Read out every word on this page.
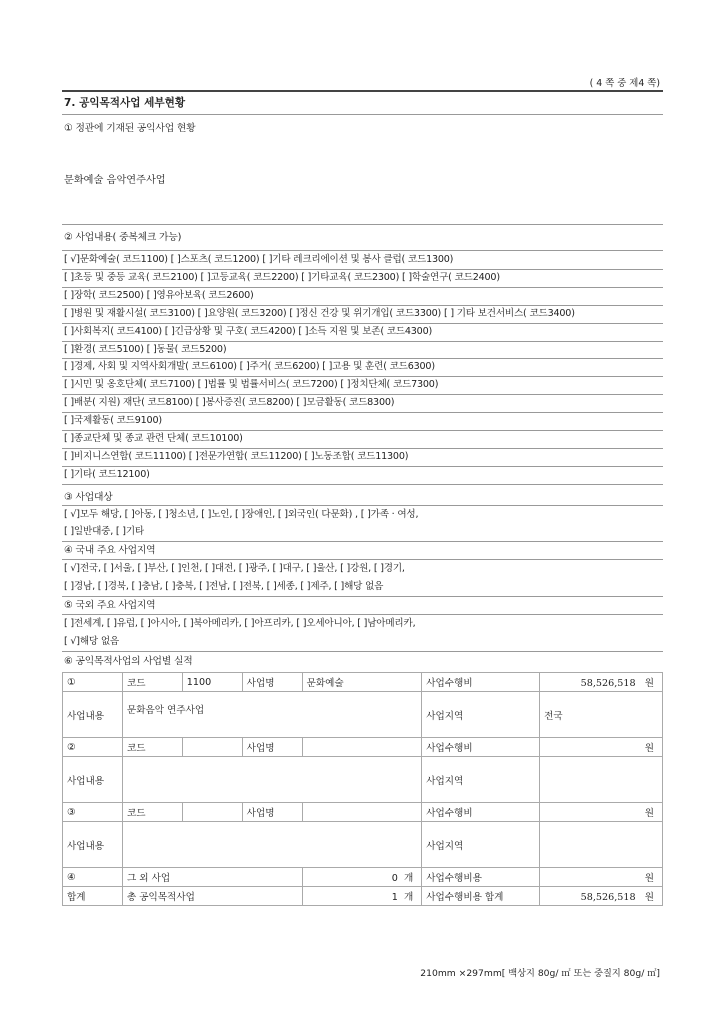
( 4 쪽 중 제4 쪽)
7. 공익목적사업 세부현황
① 정관에 기재된 공익사업 현황
문화예술 음악연주사업
② 사업내용( 중복체크 가능)
[ √]문화예술( 코드1100) [ ]스포츠( 코드1200) [ ]기타 레크리에이션 및 봉사 클럽( 코드1300)
[ ]초등 및 중등 교육( 코드2100) [ ]고등교육( 코드2200) [ ]기타교육( 코드2300) [ ]학술연구( 코드2400)
[ ]장학( 코드2500) [ ]영유아보육( 코드2600)
[ ]병원 및 재활시설( 코드3100) [ ]요양원( 코드3200) [ ]정신 건강 및 위기개입( 코드3300) [ ] 기타 보건서비스( 코드3400)
[ ]사회복지( 코드4100) [ ]긴급상황 및 구호( 코드4200) [ ]소득 지원 및 보존( 코드4300)
[ ]환경( 코드5100) [ ]동물( 코드5200)
[ ]경제, 사회 및 지역사회개발( 코드6100) [ ]주거( 코드6200) [ ]고용 및 훈련( 코드6300)
[ ]시민 및 옹호단체( 코드7100) [ ]법률 및 법률서비스( 코드7200) [ ]정치단체( 코드7300)
[ ]배분( 지원) 재단( 코드8100) [ ]봉사증진( 코드8200) [ ]모금활동( 코드8300)
[ ]국제활동( 코드9100)
[ ]종교단체 및 종교 관련 단체( 코드10100)
[ ]비지니스연합( 코드11100) [ ]전문가연합( 코드11200) [ ]노동조합( 코드11300)
[ ]기타( 코드12100)
③ 사업대상
[ √]모두 해당, [ ]아동, [ ]청소년, [ ]노인, [ ]장애인, [ ]외국인( 다문화) , [ ]가족 · 여성,
[ ]일반대중, [ ]기타
④ 국내 주요 사업지역
[ √]전국, [ ]서울, [ ]부산, [ ]인천, [ ]대전, [ ]광주, [ ]대구, [ ]울산, [ ]강원, [ ]경기,
[ ]경남, [ ]경북, [ ]충남, [ ]충북, [ ]전남, [ ]전북, [ ]세종, [ ]제주, [ ]해당 없음
⑤ 국외 주요 사업지역
[ ]전세계, [ ]유럽, [ ]아시아, [ ]북아메리카, [ ]아프리카, [ ]오세아니아, [ ]남아메리카,
[ √]해당 없음
⑥ 공익목적사업의 사업별 실적
①	코드	1100	사업명	문화예술	사업수행비	58,526,518 원
사업내용	문화음악 연주사업				사업지역	전국
②	코드		사업명		사업수행비	원
사업내용					사업지역	
③	코드		사업명		사업수행비	원
사업내용					사업지역	
④	그 외 사업			0 개	사업수행비용	원
합계	총 공익목적사업			1 개	사업수행비용 합계	58,526,518 원
210mm ×297mm[ 백상지 80g/ ㎡ 또는 중질지 80g/ ㎡]
